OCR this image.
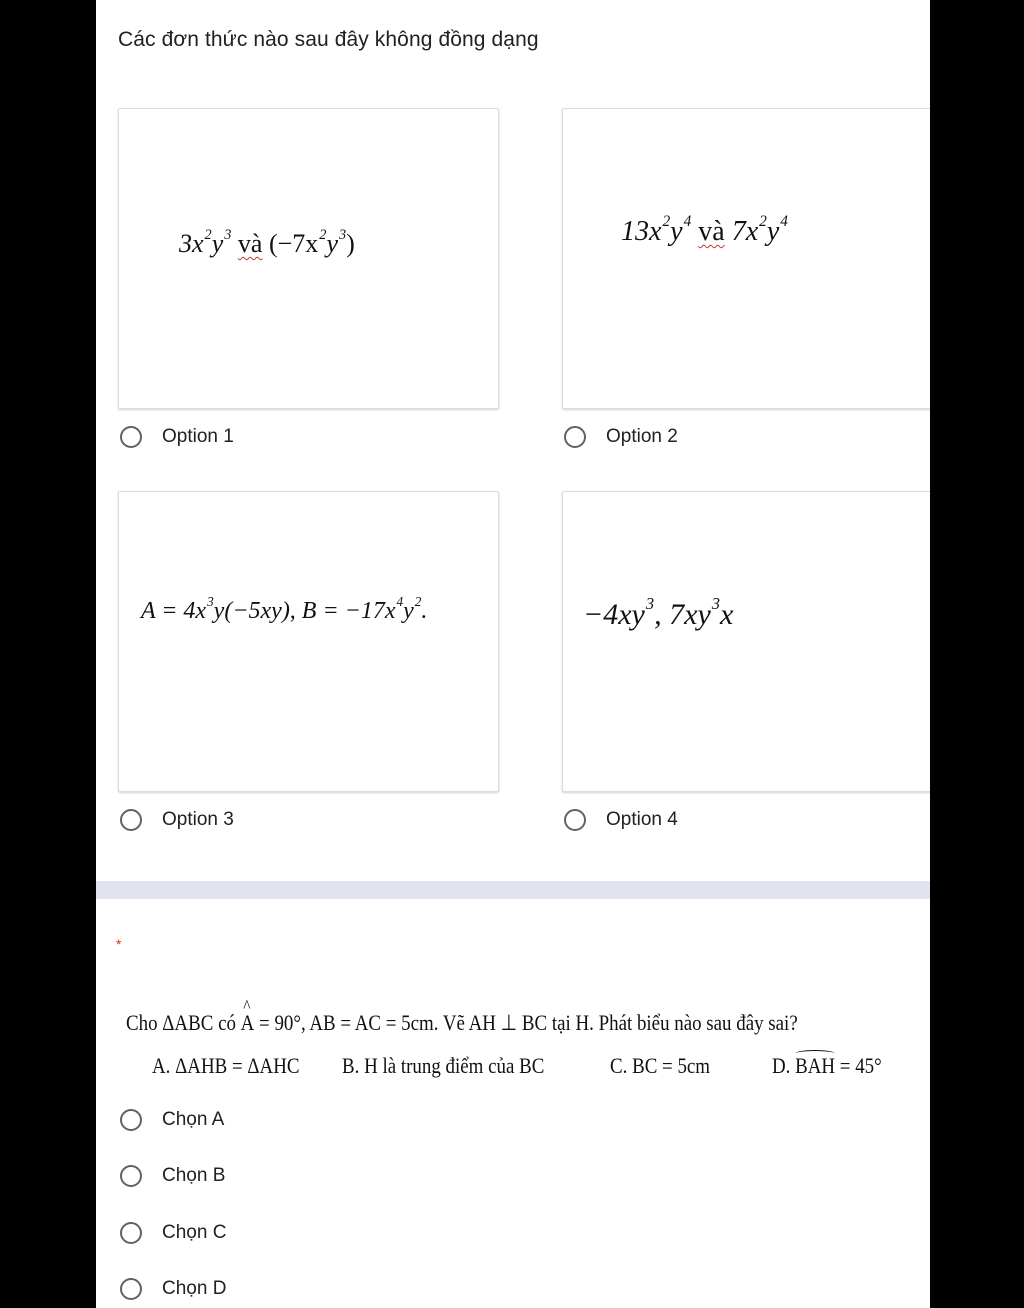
Các đơn thức nào sau đây không đồng dạng
$3x^2y^3$ và $(-7x^2y^3)$	$13x^2y^4$ và $7x^2y^4$
Option 1	Option 2
$A = 4x^3y(-5xy)$, $B = -17x^4y^2$.	$-4xy^3$, $7xy^3x$
Option 3	Option 4
*
Cho ΔABC có ^ A = 90°, AB = AC = 5cm. Vẽ AH ⊥ BC tại H. Phát biểu nào sau đây sai?
A. ΔAHB = ΔAHC B. H là trung điểm của BC	C. BC = 5cm	D. BAH = 45°
Chọn A
Chọn B
Chọn C
Chọn D
